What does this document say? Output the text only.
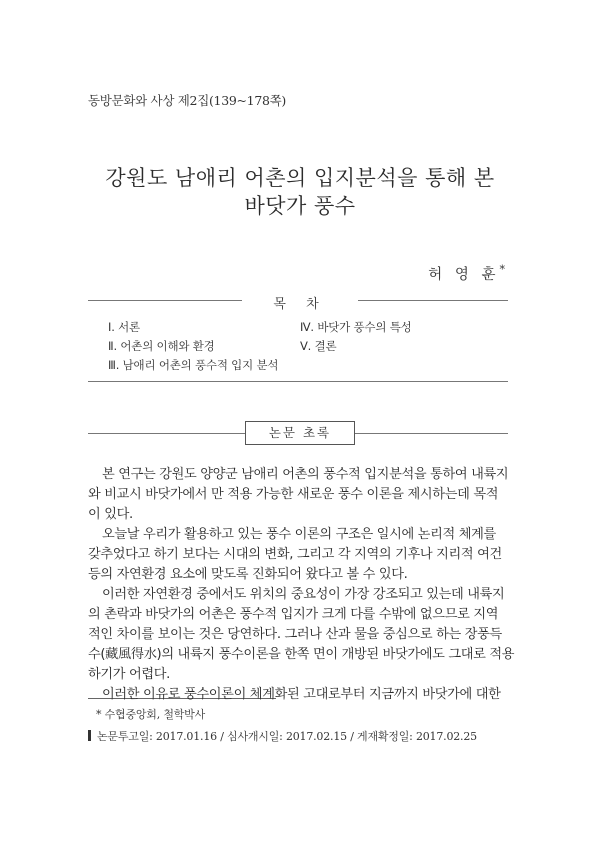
동방문화와 사상 제2집(139~178쪽)
강원도 남애리 어촌의 입지분석을 통해 본
바닷가 풍수
허 영 훈*
목 차
Ⅰ. 서론
Ⅱ. 어촌의 이해와 환경
Ⅲ. 남애리 어촌의 풍수적 입지 분석
Ⅳ. 바닷가 풍수의 특성
Ⅴ. 결론
논문 초록
본 연구는 강원도 양양군 남애리 어촌의 풍수적 입지분석을 통하여 내륙지
와 비교시 바닷가에서 만 적용 가능한 새로운 풍수 이론을 제시하는데 목적
이 있다.
오늘날 우리가 활용하고 있는 풍수 이론의 구조은 일시에 논리적 체계를
갖추었다고 하기 보다는 시대의 변화, 그리고 각 지역의 기후나 지리적 여건
등의 자연환경 요소에 맞도록 진화되어 왔다고 볼 수 있다.
이러한 자연환경 중에서도 위치의 중요성이 가장 강조되고 있는데 내륙지
의 촌락과 바닷가의 어촌은 풍수적 입지가 크게 다를 수밖에 없으므로 지역
적인 차이를 보이는 것은 당연하다. 그러나 산과 물을 중심으로 하는 장풍득
수(藏風得水)의 내륙지 풍수이론을 한쪽 면이 개방된 바닷가에도 그대로 적용
하기가 어렵다.
* 수협중앙회, 철학박사
논문투고일: 2017.01.16 / 심사개시일: 2017.02.15 / 게재확정일: 2017.02.25
이러한 이유로 풍수이론이 체계화된 고대로부터 지금까지 바닷가에 대한
